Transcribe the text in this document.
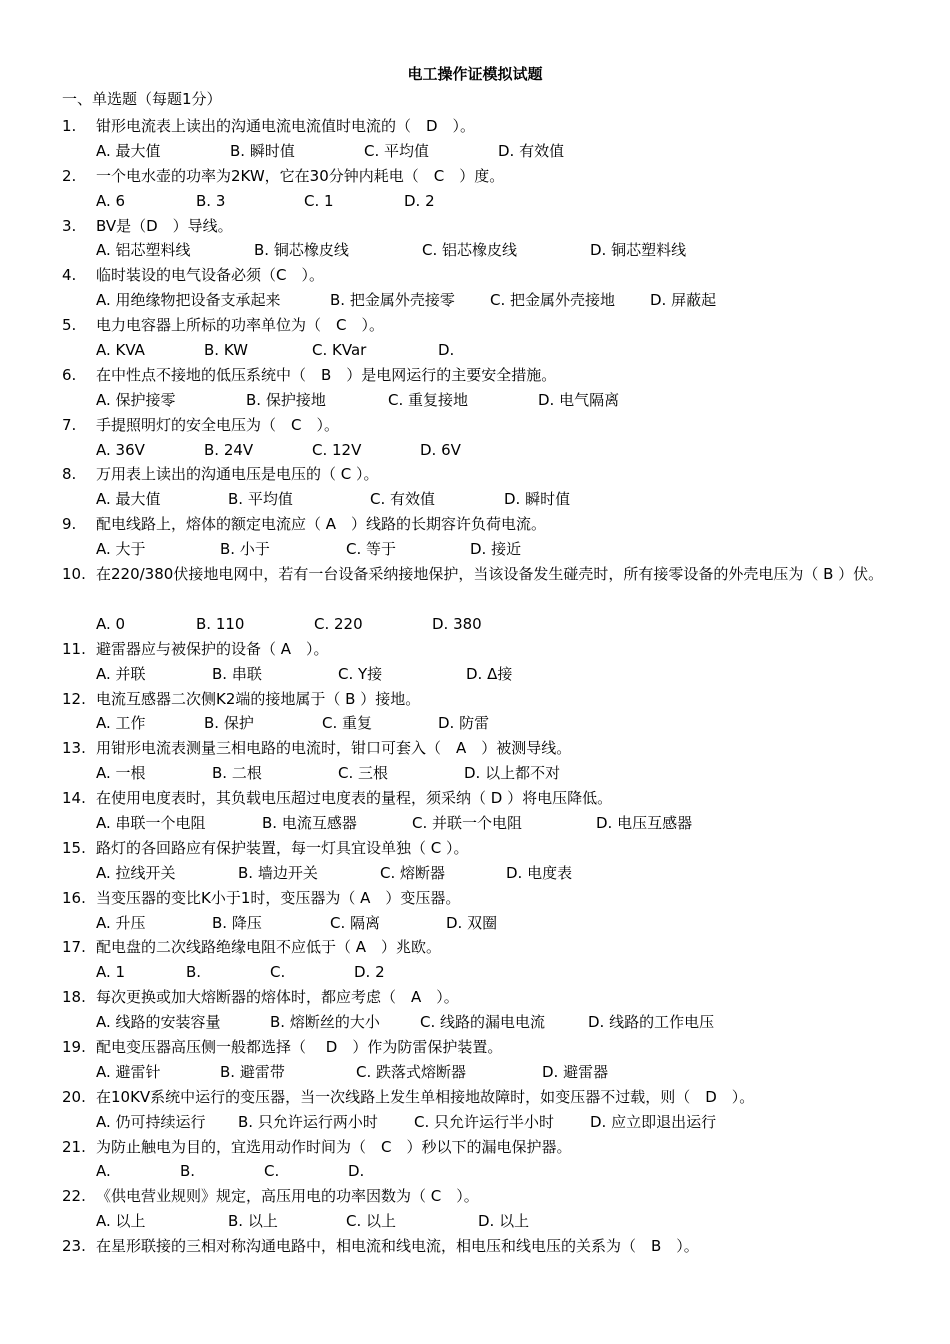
电工操作证模拟试题
一、单选题（每题1分）
1. 钳形电流表上读出的沟通电流电流值时电流的（　D　）。
A. 最大值	B. 瞬时值	C. 平均值	D. 有效值
2. 一个电水壶的功率为2KW，它在30分钟内耗电（　C　）度。
A. 6	B. 3	C. 1	D. 2
3. BV是（D　）导线。
A. 铝芯塑料线	B. 铜芯橡皮线	C. 铝芯橡皮线	D. 铜芯塑料线
4. 临时装设的电气设备必须（C　）。
A. 用绝缘物把设备支承起来	B. 把金属外壳接零 C. 把金属外壳接地 D. 屏蔽起
5. 电力电容器上所标的功率单位为（　C　）。
A. KVA	B. KW	C. KVar	D.
6. 在中性点不接地的低压系统中（　B　）是电网运行的主要安全措施。
A. 保护接零	B. 保护接地	C. 重复接地	D. 电气隔离
7. 手提照明灯的安全电压为（　C　）。
A. 36V	B. 24V	C. 12V	D. 6V
8. 万用表上读出的沟通电压是电压的（ C ）。
A. 最大值	B. 平均值	C. 有效值	D. 瞬时值
9. 配电线路上，熔体的额定电流应（ A　）线路的长期容许负荷电流。
A. 大于	B. 小于	C. 等于	D. 接近
10. 在220/380伏接地电网中，若有一台设备采纳接地保护，当该设备发生碰壳时，所有接零设备的外壳电压为（ B ）伏。
A. 0	B. 110	C. 220	D. 380
11. 避雷器应与被保护的设备（ A　）。
A. 并联	B. 串联	C. Y接	D. Δ接
12. 电流互感器二次侧K2端的接地属于（ B ）接地。
A. 工作	B. 保护	C. 重复	D. 防雷
13. 用钳形电流表测量三相电路的电流时，钳口可套入（　A　）被测导线。
A. 一根	B. 二根	C. 三根	D. 以上都不对
14. 在使用电度表时，其负载电压超过电度表的量程，须采纳（ D ）将电压降低。
A. 串联一个电阻	B. 电流互感器	C. 并联一个电阻	D. 电压互感器
15. 路灯的各回路应有保护装置，每一灯具宜设单独（ C ）。
A. 拉线开关	B. 墙边开关	C. 熔断器	D. 电度表
16. 当变压器的变比K小于1时，变压器为（ A　）变压器。
A. 升压	B. 降压	C. 隔离	D. 双圈
17. 配电盘的二次线路绝缘电阻不应低于（ A　）兆欧。
A. 1	B.	C.	D. 2
18. 每次更换或加大熔断器的熔体时，都应考虑（　A　）。
A. 线路的安装容量	B. 熔断丝的大小	C. 线路的漏电电流	D. 线路的工作电压
19. 配电变压器高压侧一般都选择（　 D　）作为防雷保护装置。
A. 避雷针	B. 避雷带	C. 跌落式熔断器	D. 避雷器
20. 在10KV系统中运行的变压器，当一次线路上发生单相接地故障时，如变压器不过载，则（　D　）。
A. 仍可持续运行 B. 只允许运行两小时 C. 只允许运行半小时 D. 应立即退出运行
21. 为防止触电为目的，宜选用动作时间为（　C　）秒以下的漏电保护器。
A.	B.	C.	D.
22. 《供电营业规则》规定，高压用电的功率因数为（ C　）。
A. 以上	B. 以上	C. 以上	D. 以上
23. 在星形联接的三相对称沟通电路中，相电流和线电流，相电压和线电压的关系为（　B　）。
